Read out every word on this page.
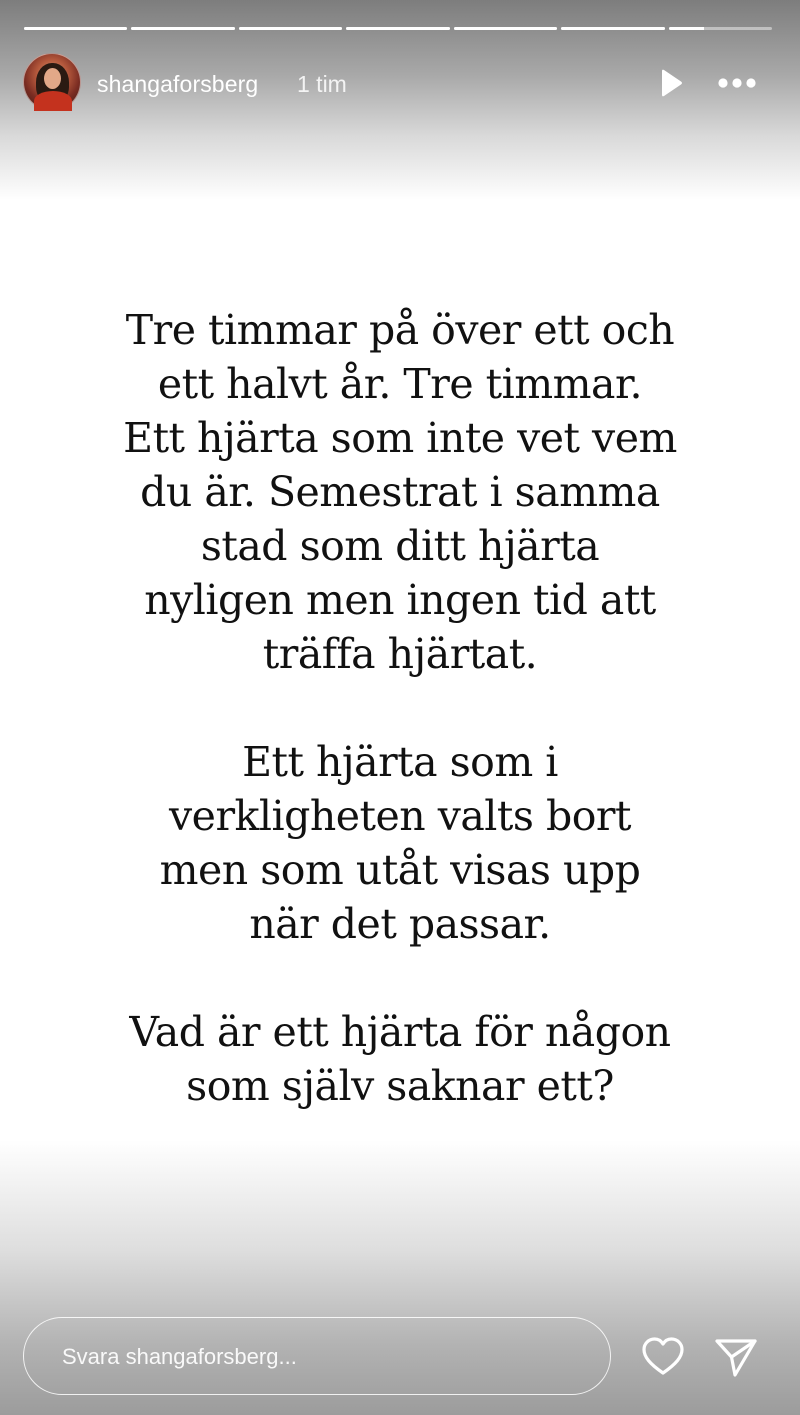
shangaforsberg 1 tim

Tre timmar på över ett och
ett halvt år. Tre timmar.
Ett hjärta som inte vet vem
du är. Semestrat i samma
stad som ditt hjärta
nyligen men ingen tid att
träffa hjärtat.

Ett hjärta som i
verkligheten valts bort
men som utåt visas upp
när det passar.

Vad är ett hjärta för någon
som själv saknar ett?

Svara shangaforsberg...
